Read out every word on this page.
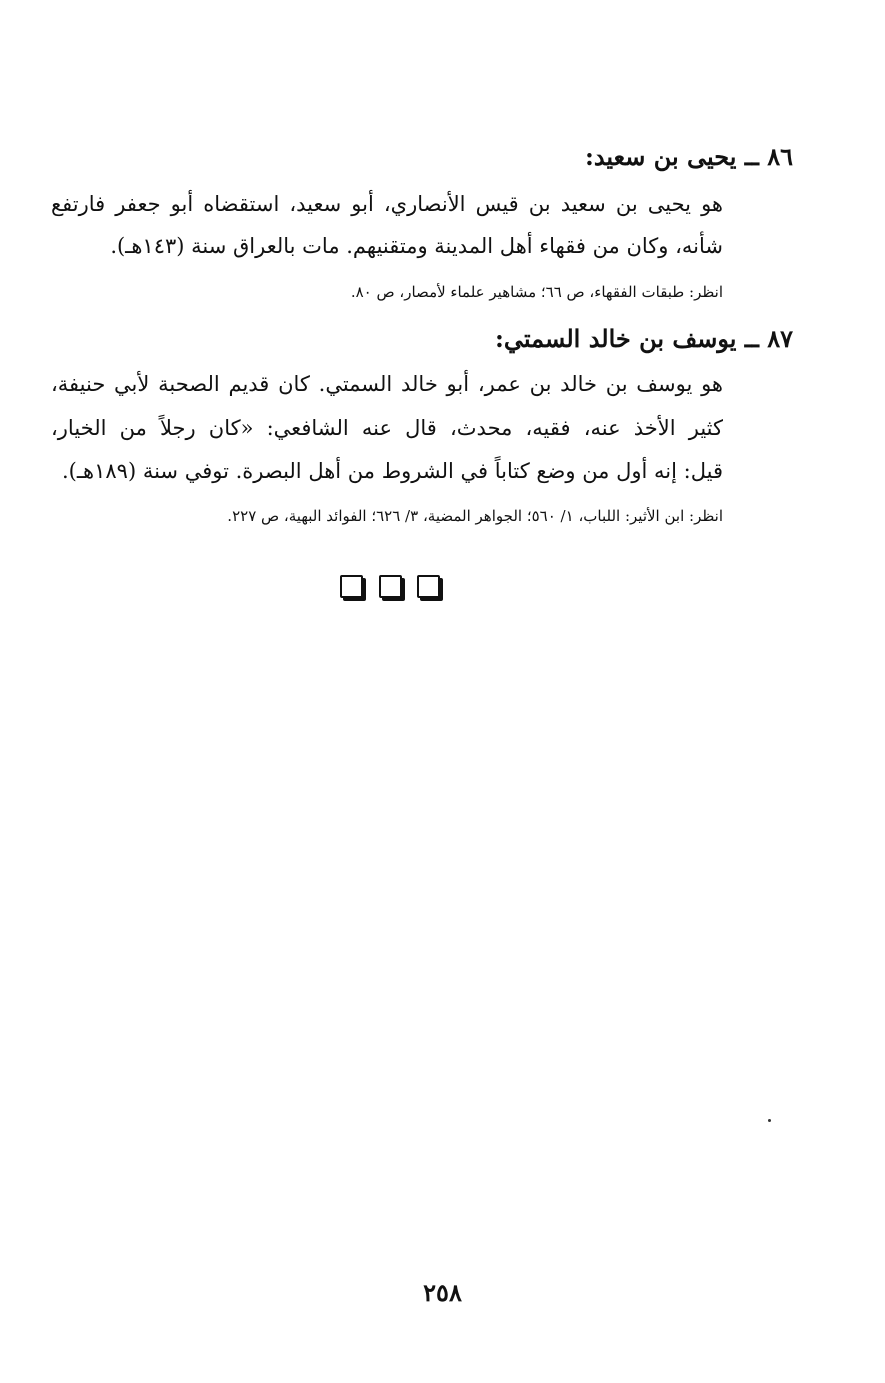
٨٦ ــ يحيى بن سعيد:
هو يحيى بن سعيد بن قيس الأنصاري، أبو سعيد، استقضاه أبو جعفر فارتفع
شأنه، وكان من فقهاء أهل المدينة ومتقنيهم. مات بالعراق سنة (١٤٣هـ).
انظر: طبقات الفقهاء، ص ٦٦؛ مشاهير علماء لأمصار، ص ٨٠.
٨٧ ــ يوسف بن خالد السمتي:
هو يوسف بن خالد بن عمر، أبو خالد السمتي. كان قديم الصحبة لأبي حنيفة،
كثير الأخذ عنه، فقيه، محدث، قال عنه الشافعي: «كان رجلاً من الخيار،
قيل: إنه أول من وضع كتاباً في الشروط من أهل البصرة. توفي سنة (١٨٩هـ).
انظر: ابن الأثير: اللباب، ١/ ٥٦٠؛ الجواهر المضية، ٣/ ٦٢٦؛ الفوائد البهية، ص ٢٢٧.
٢٥٨
